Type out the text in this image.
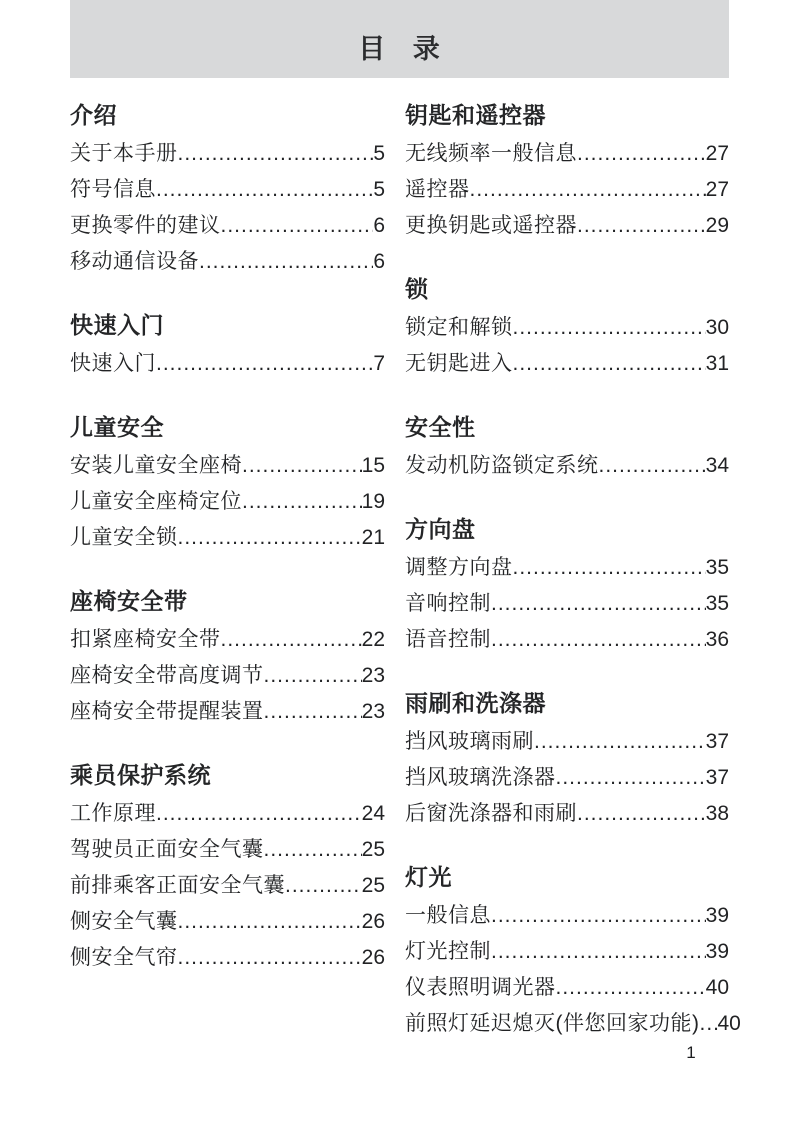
目 录
介绍
关于本手册 .....	5
符号信息 .....	5
更换零件的建议 .....	6
移动通信设备 .....	6
快速入门
快速入门 .....	7
儿童安全
安装儿童安全座椅 .....	15
儿童安全座椅定位 .....	19
儿童安全锁 .....	21
座椅安全带
扣紧座椅安全带 .....	22
座椅安全带高度调节 .....	23
座椅安全带提醒装置 .....	23
乘员保护系统
工作原理 .....	24
驾驶员正面安全气囊 .....	25
前排乘客正面安全气囊 .....	25
侧安全气囊 .....	26
侧安全气帘 .....	26
钥匙和遥控器
无线频率一般信息 .....	27
遥控器 .....	27
更换钥匙或遥控器 .....	29
锁
锁定和解锁 .....	30
无钥匙进入 .....	31
安全性
发动机防盗锁定系统 .....	34
方向盘
调整方向盘 .....	35
音响控制 .....	35
语音控制 .....	36
雨刷和洗涤器
挡风玻璃雨刷 .....	37
挡风玻璃洗涤器 .....	37
后窗洗涤器和雨刷 .....	38
灯光
一般信息 .....	39
灯光控制 .....	39
仪表照明调光器 .....	40
前照灯延迟熄灭(伴您回家功能) ..... 40
1
